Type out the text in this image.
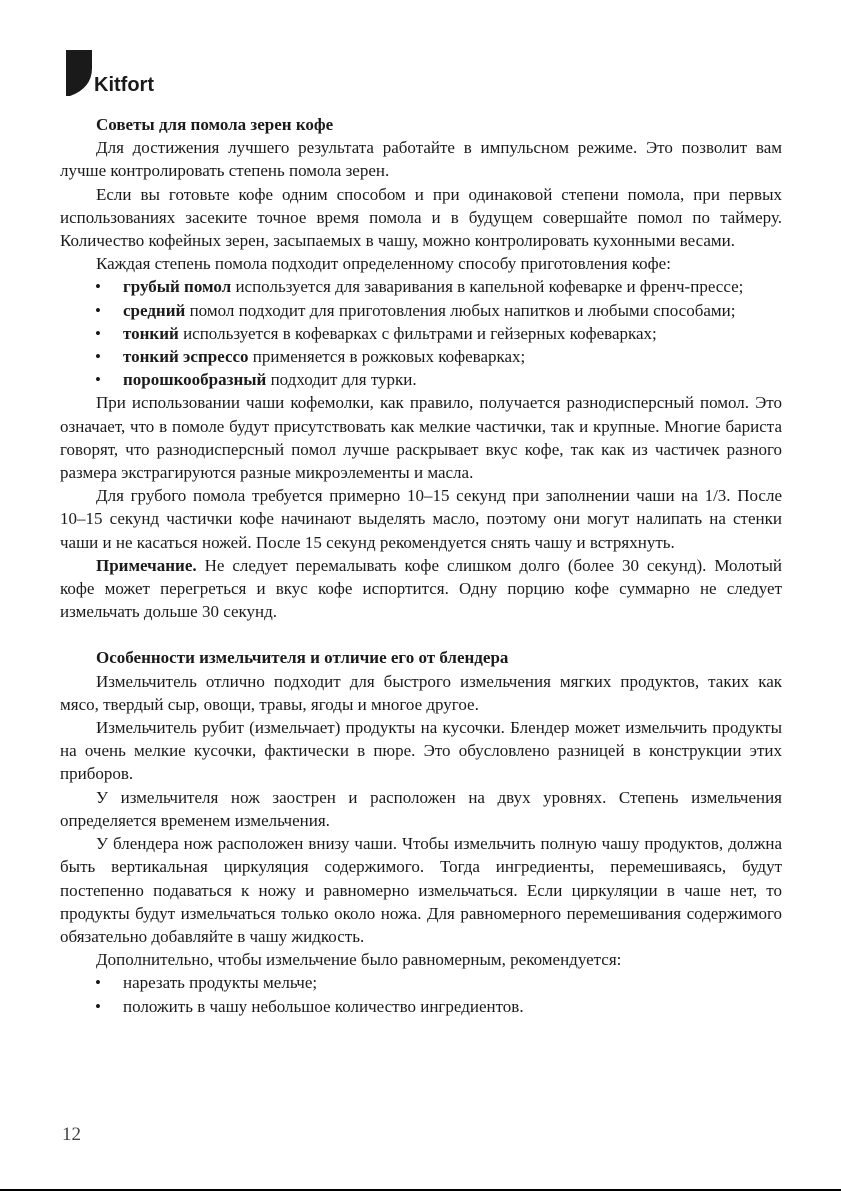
Kitfort

Советы для помола зерен кофе

Для достижения лучшего результата работайте в импульсном режиме. Это позволит вам лучше контролировать степень помола зерен.

Если вы готовьте кофе одним способом и при одинаковой степени помола, при первых использованиях засеките точное время помола и в будущем совершайте помол по таймеру. Количество кофейных зерен, засыпаемых в чашу, можно контролировать кухонными весами.

Каждая степень помола подходит определенному способу приготовления кофе:

• грубый помол используется для заваривания в капельной кофеварке и френч-прессе;
• средний помол подходит для приготовления любых напитков и любыми способами;
• тонкий используется в кофеварках с фильтрами и гейзерных кофеварках;
• тонкий эспрессо применяется в рожковых кофеварках;
• порошкообразный подходит для турки.

При использовании чаши кофемолки, как правило, получается разнодисперсный помол. Это означает, что в помоле будут присутствовать как мелкие частички, так и крупные. Многие бариста говорят, что разнодисперсный помол лучше раскрывает вкус кофе, так как из частичек разного размера экстрагируются разные микроэлементы и масла.

Для грубого помола требуется примерно 10–15 секунд при заполнении чаши на 1/3. После 10–15 секунд частички кофе начинают выделять масло, поэтому они могут налипать на стенки чаши и не касаться ножей. После 15 секунд рекомендуется снять чашу и встряхнуть.

Примечание. Не следует перемалывать кофе слишком долго (более 30 секунд). Молотый кофе может перегреться и вкус кофе испортится. Одну порцию кофе суммарно не следует измельчать дольше 30 секунд.

Особенности измельчителя и отличие его от блендера

Измельчитель отлично подходит для быстрого измельчения мягких продуктов, таких как мясо, твердый сыр, овощи, травы, ягоды и многое другое.

Измельчитель рубит (измельчает) продукты на кусочки. Блендер может измельчить продукты на очень мелкие кусочки, фактически в пюре. Это обусловлено разницей в конструкции этих приборов.

У измельчителя нож заострен и расположен на двух уровнях. Степень измельчения определяется временем измельчения.

У блендера нож расположен внизу чаши. Чтобы измельчить полную чашу продуктов, должна быть вертикальная циркуляция содержимого. Тогда ингредиенты, перемешиваясь, будут постепенно подаваться к ножу и равномерно измельчаться. Если циркуляции в чаше нет, то продукты будут измельчаться только около ножа. Для равномерного перемешивания содержимого обязательно добавляйте в чашу жидкость.

Дополнительно, чтобы измельчение было равномерным, рекомендуется:

• нарезать продукты мельче;
• положить в чашу небольшое количество ингредиентов.
12
